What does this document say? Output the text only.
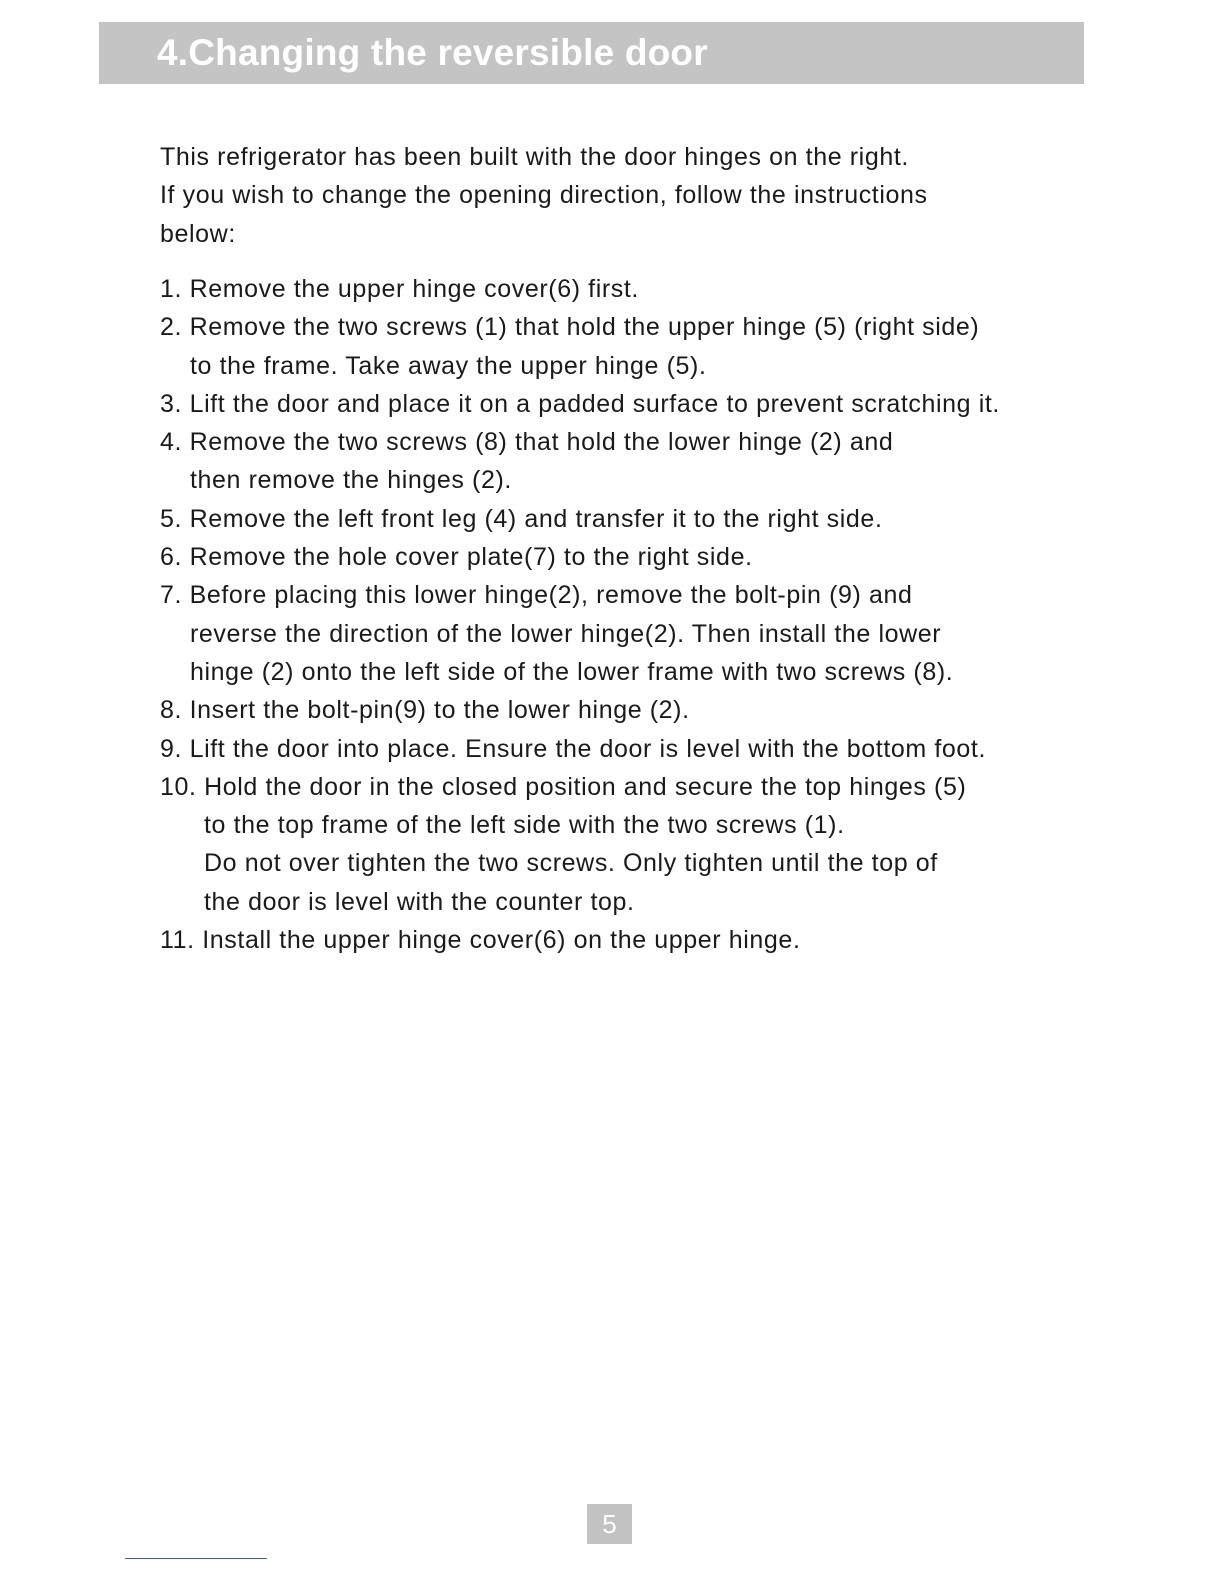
4.Changing the reversible door

This refrigerator has been built with the door hinges on the right.

If you wish to change the opening direction, follow the instructions

below:

1. Remove the upper hinge cover(6) first.
2. Remove the two screws (1) that hold the upper hinge (5) (right side)
to the frame. Take away the upper hinge (5).
3. Lift the door and place it on a padded surface to prevent scratching it.
4. Remove the two screws (8) that hold the lower hinge (2) and
then remove the hinges (2).
5. Remove the left front leg (4) and transfer it to the right side.
6. Remove the hole cover plate(7) to the right side.
7. Before placing this lower hinge(2), remove the bolt-pin (9) and
reverse the direction of the lower hinge(2). Then install the lower
hinge (2) onto the left side of the lower frame with two screws (8).
8. Insert the bolt-pin(9) to the lower hinge (2).
9. Lift the door into place. Ensure the door is level with the bottom foot.
10. Hold the door in the closed position and secure the top hinges (5)
to the top frame of the left side with the two screws (1).
Do not over tighten the two screws. Only tighten until the top of
the door is level with the counter top.
11. Install the upper hinge cover(6) on the upper hinge.
5
